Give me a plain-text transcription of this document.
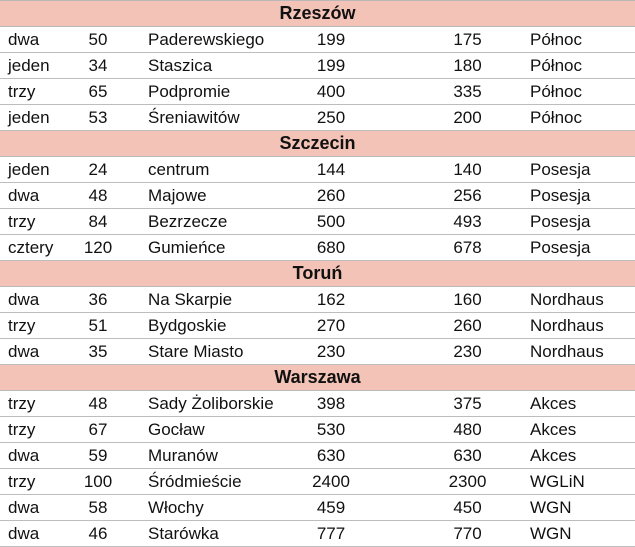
Rzeszów
dwa	50	Paderewskiego	199	175	Północ
jeden	34	Staszica	199	180	Północ
trzy	65	Podpromie	400	335	Północ
jeden	53	Śreniawitów	250	200	Północ
Szczecin
jeden	24	centrum	144	140	Posesja
dwa	48	Majowe	260	256	Posesja
trzy	84	Bezrzecze	500	493	Posesja
cztery	120	Gumieńce	680	678	Posesja
Toruń
dwa	36	Na Skarpie	162	160	Nordhaus
trzy	51	Bydgoskie	270	260	Nordhaus
dwa	35	Stare Miasto	230	230	Nordhaus
Warszawa
trzy	48	Sady Żoliborskie	398	375	Akces
trzy	67	Gocław	530	480	Akces
dwa	59	Muranów	630	630	Akces
trzy	100	Śródmieście	2400	2300	WGLiN
dwa	58	Włochy	459	450	WGN
dwa	46	Starówka	777	770	WGN
